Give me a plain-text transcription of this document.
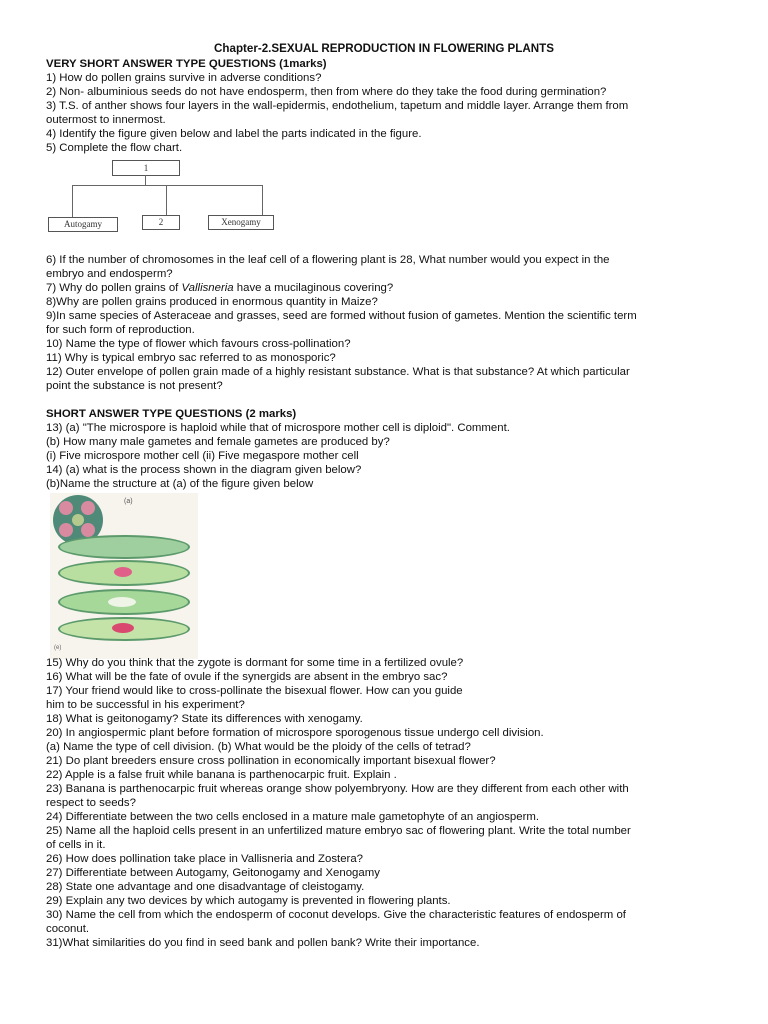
Chapter-2.SEXUAL REPRODUCTION IN FLOWERING PLANTS
VERY SHORT ANSWER TYPE QUESTIONS (1marks)
1) How do pollen grains survive in adverse conditions?
2) Non- albuminious seeds do not have endosperm, then from where do they take the food during germination?
3) T.S. of anther shows four layers in the wall-epidermis, endothelium, tapetum and middle layer. Arrange them from
outermost to innermost.
4) Identify the figure given below and label the parts indicated in the figure.
5) Complete the flow chart.
1
Autogamy	2	Xenogamy
6) If the number of chromosomes in the leaf cell of a flowering plant is 28, What number would you expect in the
embryo and endosperm?
7) Why do pollen grains of Vallisneria have a mucilaginous covering?
8)Why are pollen grains produced in enormous quantity in Maize?
9)In same species of Asteraceae and grasses, seed are formed without fusion of gametes. Mention the scientific term
for such form of reproduction.
10) Name the type of flower which favours cross-pollination?
11) Why is typical embryo sac referred to as monosporic?
12) Outer envelope of pollen grain made of a highly resistant substance. What is that substance? At which particular
point the substance is not present?
SHORT ANSWER TYPE QUESTIONS (2 marks)
13) (a) "The microspore is haploid while that of microspore mother cell is diploid". Comment.
(b) How many male gametes and female gametes are produced by?
(i) Five microspore mother cell (ii) Five megaspore mother cell
14) (a) what is the process shown in the diagram given below?
(b)Name the structure at (a) of the figure given below
(a)
(e)
15) Why do you think that the zygote is dormant for some time in a fertilized ovule?
16) What will be the fate of ovule if the synergids are absent in the embryo sac?
17) Your friend would like to cross-pollinate the bisexual flower. How can you guide
him to be successful in his experiment?
18) What is geitonogamy? State its differences with xenogamy.
20) In angiospermic plant before formation of microspore sporogenous tissue undergo cell division.
(a) Name the type of cell division. (b) What would be the ploidy of the cells of tetrad?
21) Do plant breeders ensure cross pollination in economically important bisexual flower?
22) Apple is a false fruit while banana is parthenocarpic fruit. Explain .
23) Banana is parthenocarpic fruit whereas orange show polyembryony. How are they different from each other with
respect to seeds?
24) Differentiate between the two cells enclosed in a mature male gametophyte of an angiosperm.
25) Name all the haploid cells present in an unfertilized mature embryo sac of flowering plant. Write the total number
of cells in it.
26) How does pollination take place in Vallisneria and Zostera?
27) Differentiate between Autogamy, Geitonogamy and Xenogamy
28) State one advantage and one disadvantage of cleistogamy.
29) Explain any two devices by which autogamy is prevented in flowering plants.
30) Name the cell from which the endosperm of coconut develops. Give the characteristic features of endosperm of
coconut.
31)What similarities do you find in seed bank and pollen bank? Write their importance.
